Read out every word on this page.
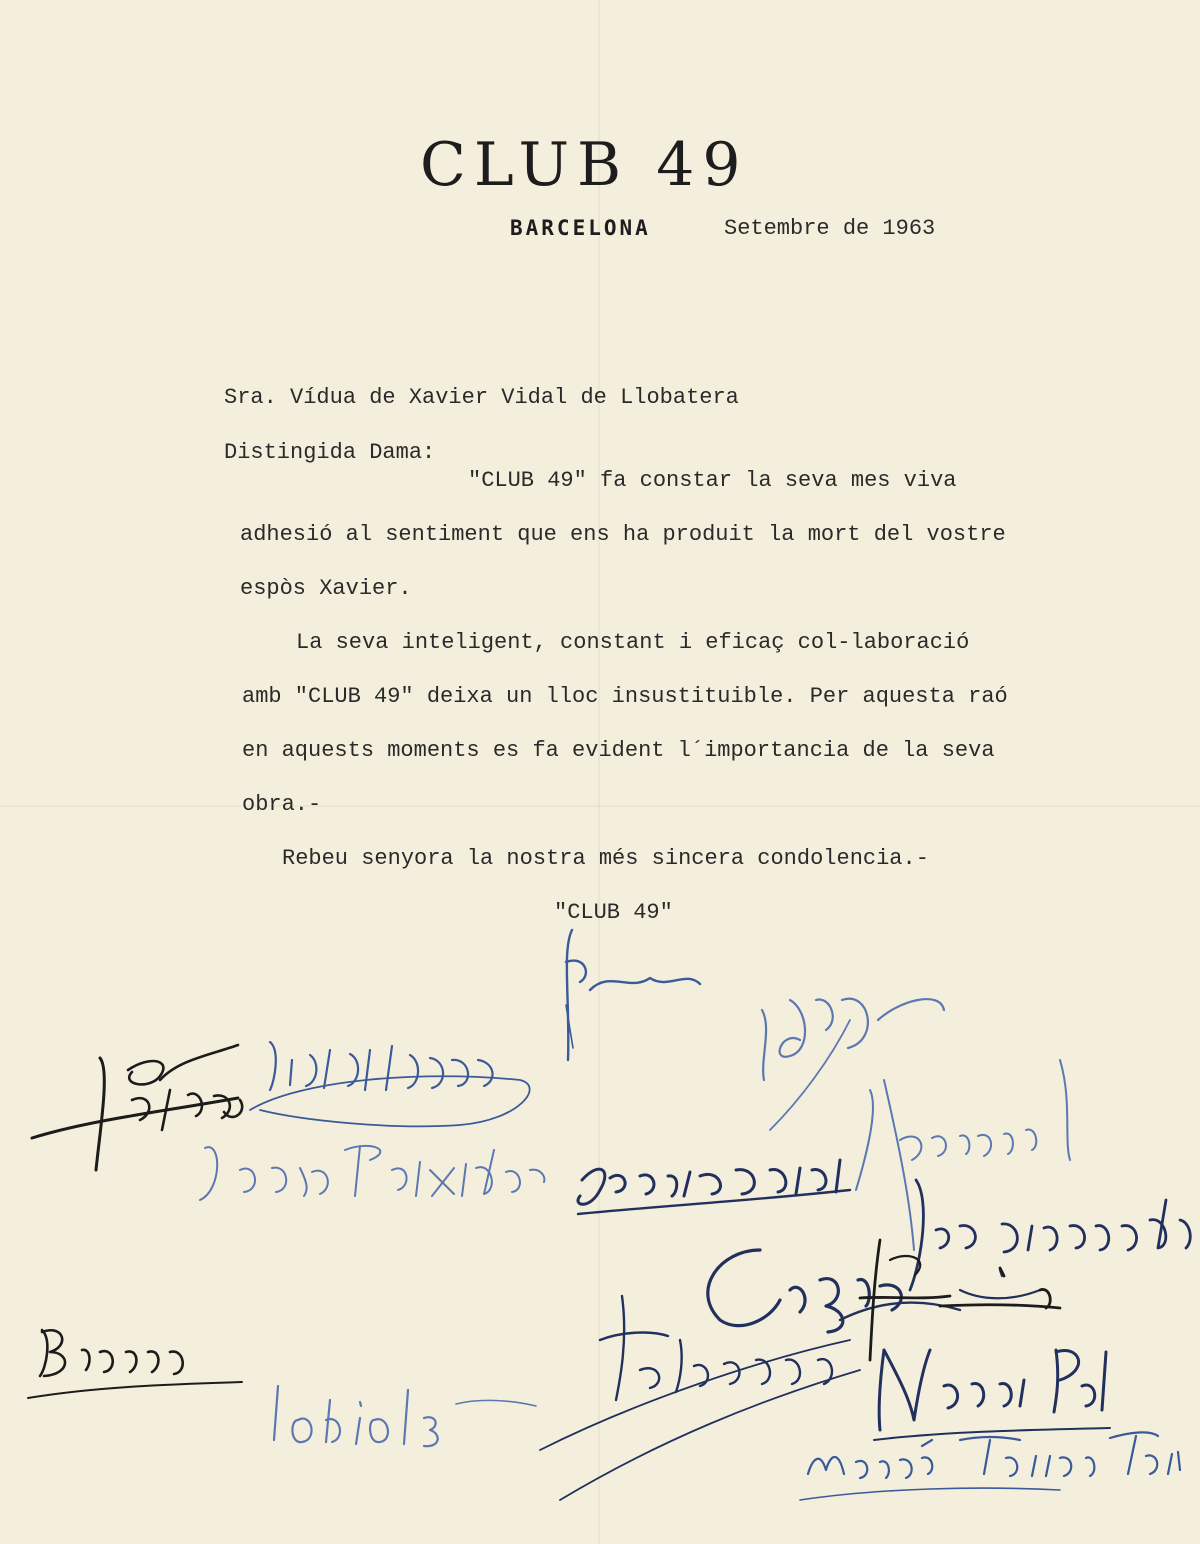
CLUB 49
BARCELONA	Setembre de 1963
Sra. Vídua de Xavier Vidal de Llobatera
Distingida Dama:
"CLUB 49" fa constar la seva mes viva
adhesió al sentiment que ens ha produit la mort del vostre
espòs Xavier.
La seva inteligent, constant i eficaç col-laboració
amb "CLUB 49" deixa un lloc insustituible. Per aquesta raó
en aquests moments es fa evident l´importancia de la seva
obra.-
Rebeu senyora la nostra més sincera condolencia.-
"CLUB 49"
